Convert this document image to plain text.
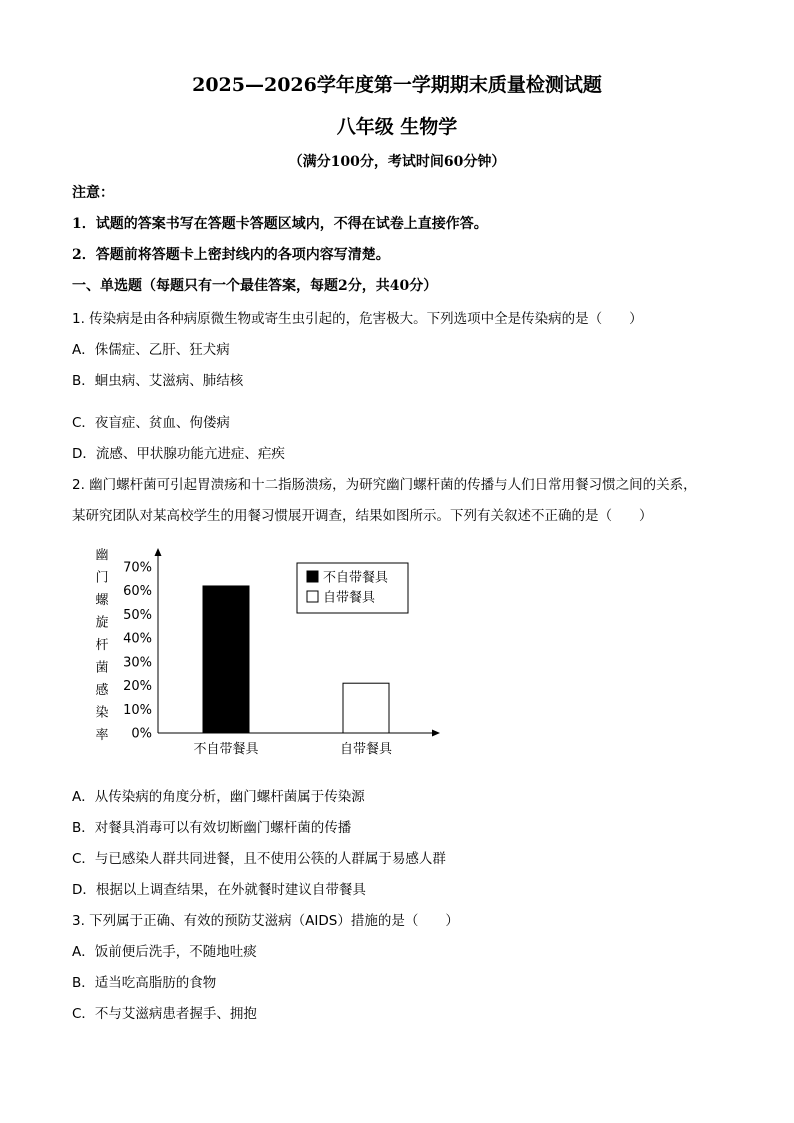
2025—2026学年度第一学期期末质量检测试题
八年级 生物学
（满分100分，考试时间60分钟）
注意：
1．试题的答案书写在答题卡答题区域内，不得在试卷上直接作答。
2．答题前将答题卡上密封线内的各项内容写清楚。
一、单选题（每题只有一个最佳答案，每题2分，共40分）
1. 传染病是由各种病原微生物或寄生虫引起的，危害极大。下列选项中全是传染病的是（　　）
A．侏儒症、乙肝、狂犬病
B．蛔虫病、艾滋病、肺结核
C．夜盲症、贫血、佝偻病
D．流感、甲状腺功能亢进症、疟疾
2. 幽门螺杆菌可引起胃溃疡和十二指肠溃疡，为研究幽门螺杆菌的传播与人们日常用餐习惯之间的关系，
某研究团队对某高校学生的用餐习惯展开调查，结果如图所示。下列有关叙述不正确的是（　　）
幽
门
螺
旋
杆
菌
感
染
率 0%
10%
20%
30%
40%
50%
60%
70%
不自带餐具	自带餐具
不自带餐具
自带餐具
A．从传染病的角度分析，幽门螺杆菌属于传染源
B．对餐具消毒可以有效切断幽门螺杆菌的传播
C．与已感染人群共同进餐，且不使用公筷的人群属于易感人群
D．根据以上调查结果，在外就餐时建议自带餐具
3. 下列属于正确、有效的预防艾滋病（AIDS）措施的是（　　）
A．饭前便后洗手，不随地吐痰
B．适当吃高脂肪的食物
C．不与艾滋病患者握手、拥抱
